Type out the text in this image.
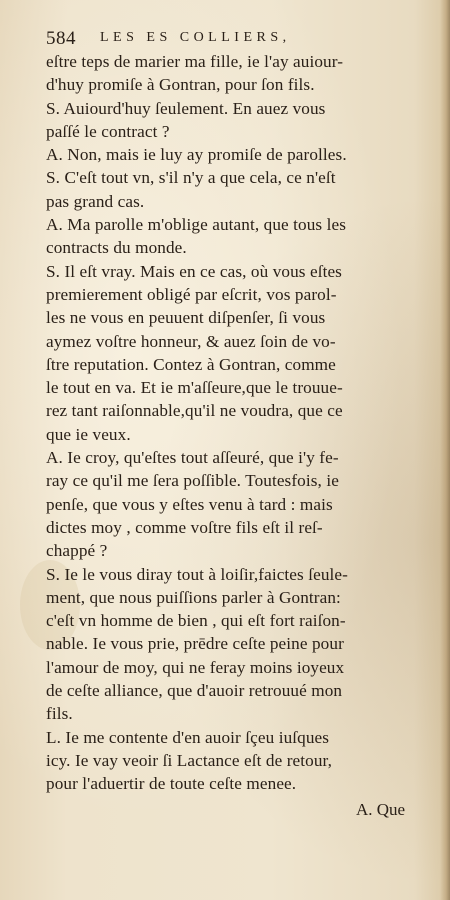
584 LES ES COLLIERS,
eſtre teps de marier ma fille, ie l'ay auiour-
d'huy promiſe à Gontran, pour ſon fils.
S. Auiourd'huy ſeulement. En auez vous
paſſé le contract ?
A. Non, mais ie luy ay promiſe de parolles.
S. C'eſt tout vn, s'il n'y a que cela, ce n'eſt
pas grand cas.
A. Ma parolle m'oblige autant, que tous les
contracts du monde.
S. Il eſt vray. Mais en ce cas, où vous eſtes
premierement obligé par eſcrit, vos parol-
les ne vous en peuuent diſpenſer, ſi vous
aymez voſtre honneur, & auez ſoin de vo-
ſtre reputation. Contez à Gontran, comme
le tout en va. Et ie m'aſſeure,que le trouue-
rez tant raiſonnable,qu'il ne voudra, que ce
que ie veux.
A. Ie croy, qu'eſtes tout aſſeuré, que i'y fe-
ray ce qu'il me ſera poſſible. Toutesfois, ie
penſe, que vous y eſtes venu à tard : mais
dictes moy , comme voſtre fils eſt il reſ-
chappé ?
S. Ie le vous diray tout à loiſir,faictes ſeule-
ment, que nous puiſſions parler à Gontran:
c'eſt vn homme de bien , qui eſt fort raiſon-
nable. Ie vous prie, prēdre ceſte peine pour
l'amour de moy, qui ne feray moins ioyeux
de ceſte alliance, que d'auoir retrouué mon
fils.
L. Ie me contente d'en auoir ſçeu iuſques
icy. Ie vay veoir ſi Lactance eſt de retour,
pour l'aduertir de toute ceſte menee.
A. Que
